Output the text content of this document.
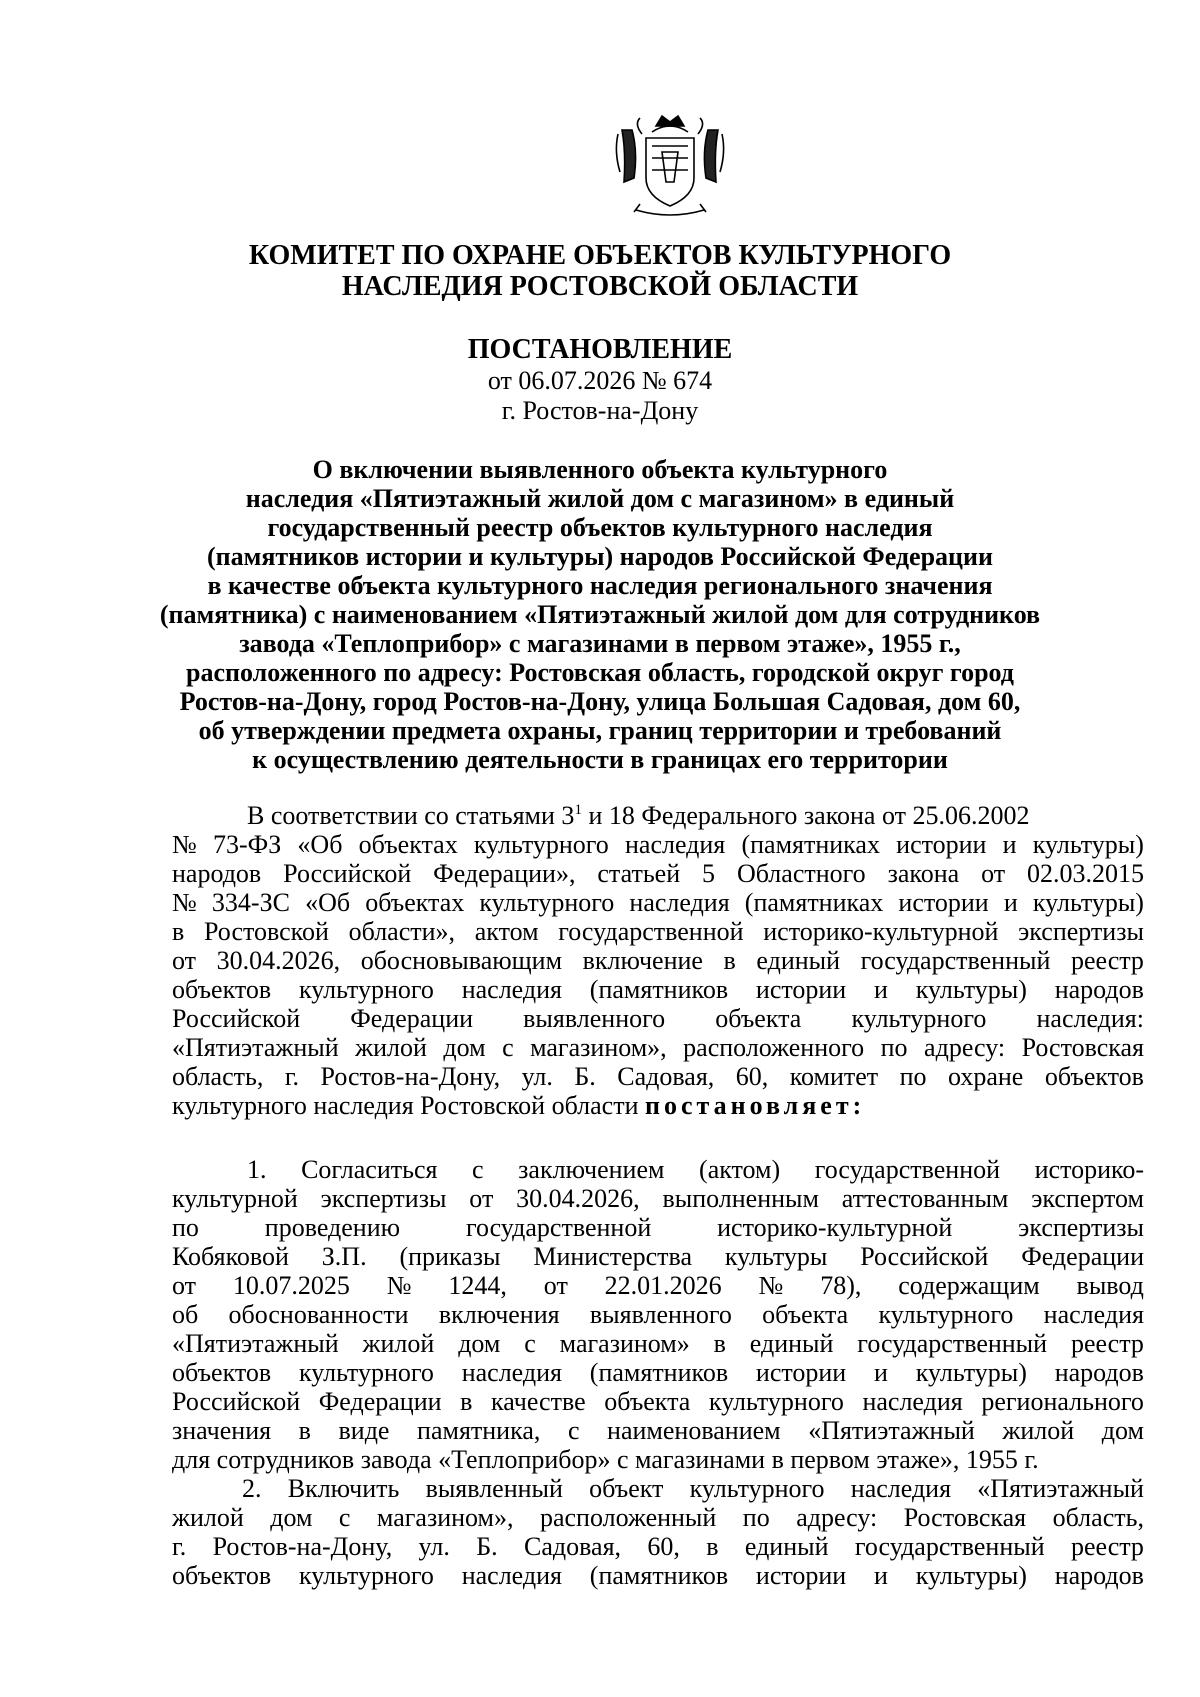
КОМИТЕТ ПО ОХРАНЕ ОБЪЕКТОВ КУЛЬТУРНОГО
НАСЛЕДИЯ РОСТОВСКОЙ ОБЛАСТИ
ПОСТАНОВЛЕНИЕ
от 06.07.2026 № 674
г. Ростов-на-Дону
О включении выявленного объекта культурного
наследия «Пятиэтажный жилой дом с магазином» в единый
государственный реестр объектов культурного наследия
(памятников истории и культуры) народов Российской Федерации
в качестве объекта культурного наследия регионального значения
(памятника) с наименованием «Пятиэтажный жилой дом для сотрудников
завода «Теплоприбор» с магазинами в первом этаже», 1955 г.,
расположенного по адресу: Ростовская область, городской округ город
Ростов-на-Дону, город Ростов-на-Дону, улица Большая Садовая, дом 60,
об утверждении предмета охраны, границ территории и требований
к осуществлению деятельности в границах его территории
В соответствии со статьями $3^1$ и 18 Федерального закона от 25.06.2002
№ 73-ФЗ «Об объектах культурного наследия (памятниках истории и культуры)
народов Российской Федерации», статьей 5 Областного закона от 02.03.2015
№ 334-ЗС «Об объектах культурного наследия (памятниках истории и культуры)
в Ростовской области», актом государственной историко-культурной экспертизы
от 30.04.2026, обосновывающим включение в единый государственный реестр
объектов культурного наследия (памятников истории и культуры) народов
Российской Федерации выявленного объекта культурного наследия:
«Пятиэтажный жилой дом с магазином», расположенного по адресу: Ростовская
область, г. Ростов-на-Дону, ул. Б. Садовая, 60, комитет по охране объектов
культурного наследия Ростовской области постановляет:
1. Согласиться с заключением (актом) государственной историко-
культурной экспертизы от 30.04.2026, выполненным аттестованным экспертом
по	проведению	государственной	историко-культурной	экспертизы
Кобяковой З.П. (приказы Министерства культуры Российской Федерации
от 10.07.2025 № 1244, от 22.01.2026 № 78), содержащим вывод
об обоснованности включения выявленного объекта культурного наследия
«Пятиэтажный жилой дом с магазином» в единый государственный реестр
объектов культурного наследия (памятников истории и культуры) народов
Российской Федерации в качестве объекта культурного наследия регионального
значения в виде памятника, с наименованием «Пятиэтажный жилой дом
для сотрудников завода «Теплоприбор» с магазинами в первом этаже», 1955 г.
2. Включить выявленный объект культурного наследия «Пятиэтажный
жилой дом с магазином», расположенный по адресу: Ростовская область,
г. Ростов-на-Дону, ул. Б. Садовая, 60, в единый государственный реестр
объектов культурного наследия (памятников истории и культуры) народов
